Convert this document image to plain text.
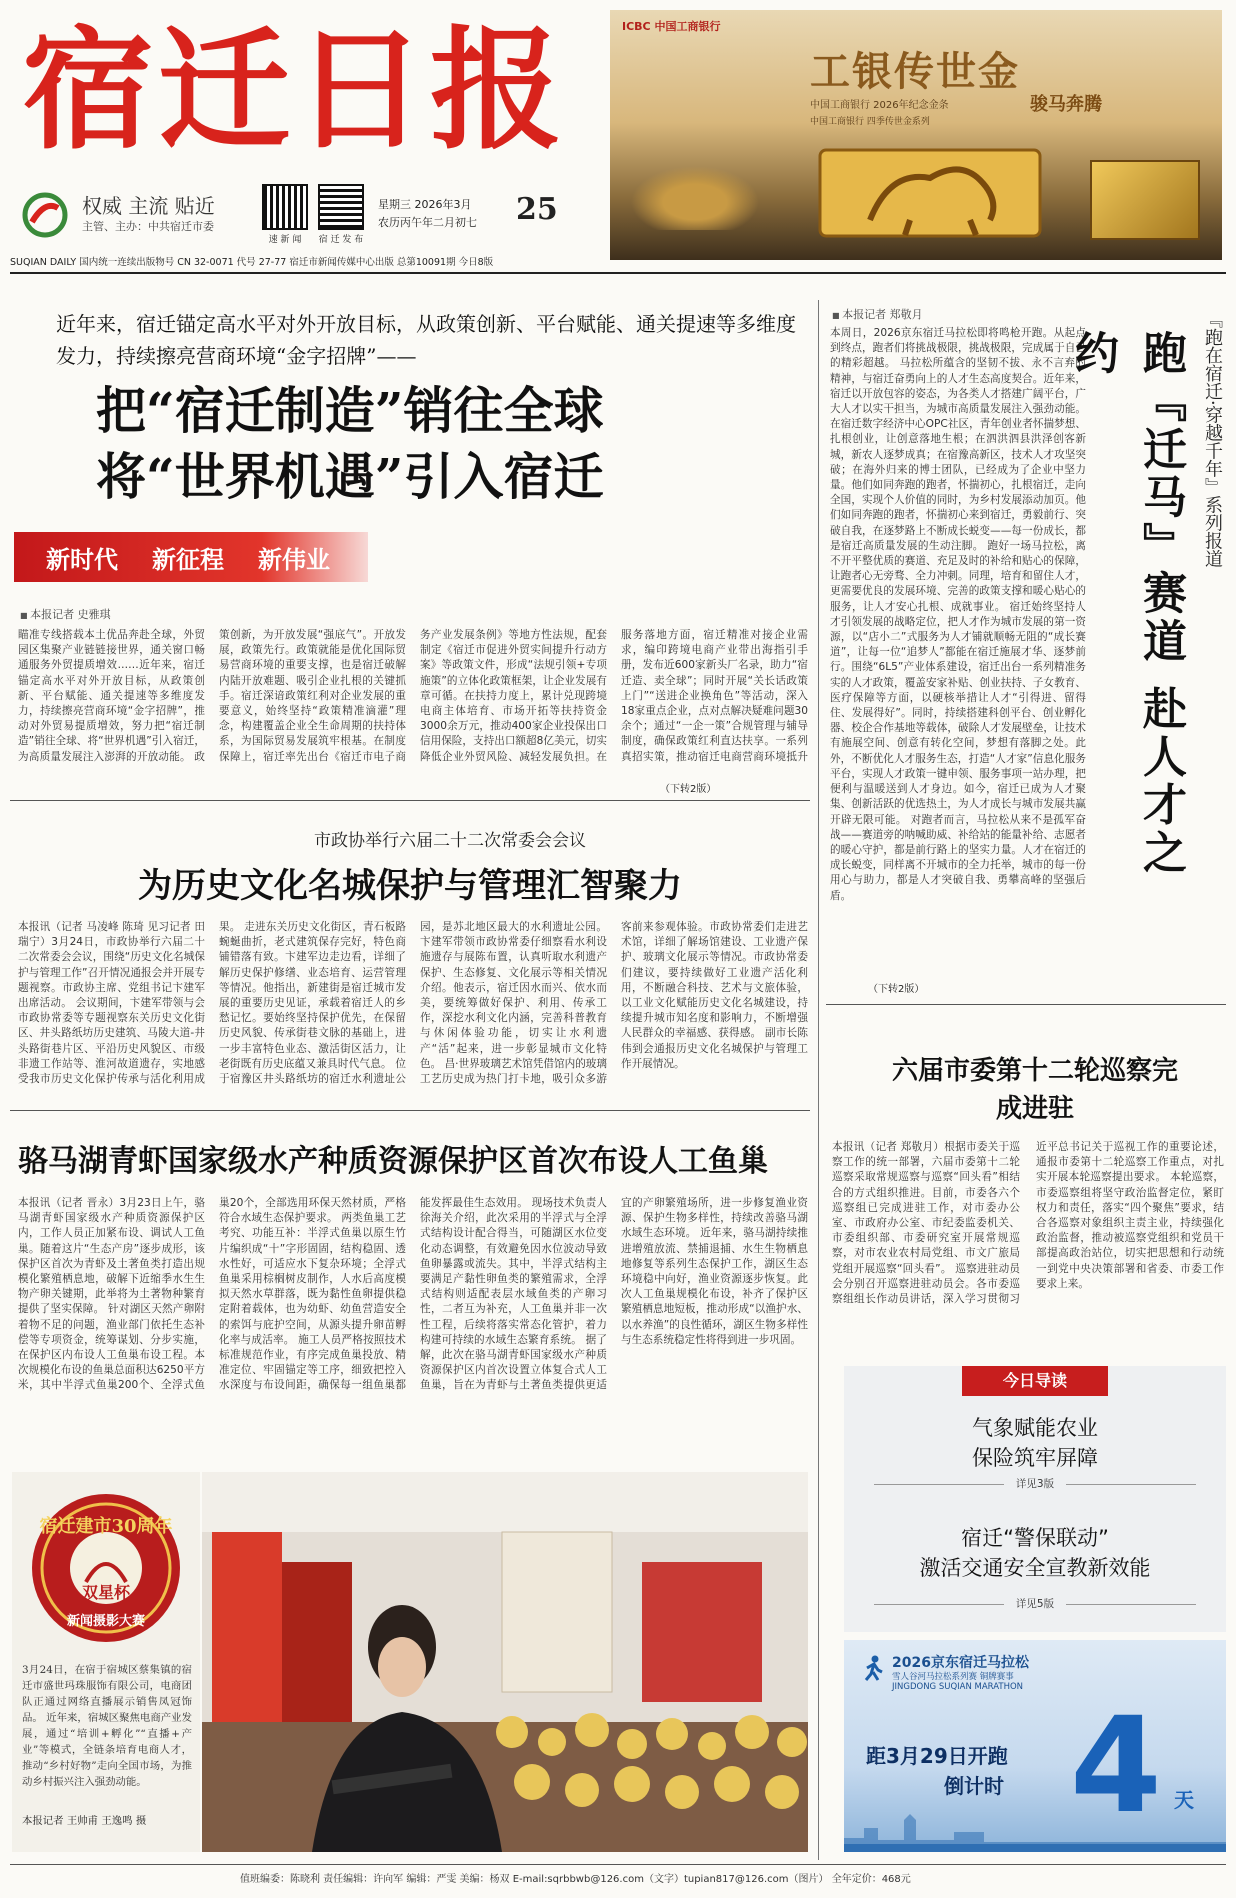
宿迁日报
权威 主流 贴近
主管、主办：中共宿迁市委
速 新 闻	宿 迁 发 布
星期三 2026年3月
农历丙午年二月初七	25
ICBC 中国工商银行
工银传世金
中国工商银行 2026年纪念金条	骏马奔腾
中国工商银行 四季传世金系列
SUQIAN DAILY 国内统一连续出版物号 CN 32-0071 代号 27-77 宿迁市新闻传媒中心出版 总第10091期 今日8版
近年来，宿迁锚定高水平对外开放目标，从政策创新、平台赋能、通关提速等多维度发力，持续擦亮营商环境“金字招牌”——
把“宿迁制造”销往全球
将“世界机遇”引入宿迁
新时代 新征程 新伟业
■ 本报记者 史雅琪
瞄准专线搭载本土优品奔赴全球，外贸园区集聚产业链链接世界，通关窗口畅通服务外贸提质增效……近年来，宿迁锚定高水平对外开放目标，从政策创新、平台赋能、通关提速等多维度发力，持续擦亮营商环境“金字招牌”，推动对外贸易提质增效，努力把“宿迁制造”销往全球、将“世界机遇”引入宿迁，为高质量发展注入澎湃的开放动能。 政策创新，为开放发展“强底气”。开放发展，政策先行。政策就能是优化国际贸易营商环境的重要支撑，也是宿迁破解内陆开放难题、吸引企业扎根的关键抓手。宿迁深谙政策红利对企业发展的重要意义，始终坚持“政策精准滴灌”理念，构建覆盖企业全生命周期的扶持体系，为国际贸易发展筑牢根基。在制度保障上，宿迁率先出台《宿迁市电子商务产业发展条例》等地方性法规，配套制定《宿迁市促进外贸实间提升行动方案》等政策文件，形成“法规引领+专项施策”的立体化政策框架，让企业发展有章可循。在扶持力度上，累计兑现跨境电商主体培育、市场开拓等扶持资金3000余万元，推动400家企业投保出口信用保险，支持出口额超8亿美元，切实降低企业外贸风险、减轻发展负担。在服务落地方面，宿迁精准对接企业需求，编印跨境电商产业带出海指引手册，发布近600家新头厂名录，助力“宿迁造、卖全球”；同时开展“关长话政策上门”“送进企业换角色”等活动，深入18家重点企业，点对点解决疑难问题30余个；通过“一企一策”合规管理与辅导制度，确保政策红利直达扶享。一系列真招实策，推动宿迁电商营商环境抵升
（下转2版）
市政协举行六届二十二次常委会会议
为历史文化名城保护与管理汇智聚力
本报讯（记者 马凌峰 陈琦 见习记者 田瑞宁）3月24日，市政协举行六届二十二次常委会会议，围绕“历史文化名城保护与管理工作”召开情况通报会并开展专题视察。市政协主席、党组书记卞建军出席活动。 会议期间，卞建军带领与会市政协常委等专题视察东关历史文化街区、井头路纸坊历史建筑、马陵大道-井头路街巷片区、平沿历史风貌区、市级非遗工作站等、淮河故道遗存，实地感受我市历史文化保护传承与活化利用成果。 走进东关历史文化街区，青石板路蜿蜒曲折，老式建筑保存完好，特色商铺错落有致。卞建军边走边看，详细了解历史保护修缮、业态培育、运营管理等情况。他指出，新建街是宿迁城市发展的重要历史见证，承载着宿迁人的乡愁记忆。要始终坚持保护优先，在保留历史风貌、传承街巷文脉的基础上，进一步丰富特色业态、激活街区活力，让老街既有历史底蕴又兼具时代气息。 位于宿豫区井头路纸坊的宿迁水利遗址公园，是苏北地区最大的水利遗址公园。卞建军带领市政协常委仔细察看水利设施遗存与展陈布置，认真听取水利遗产保护、生态修复、文化展示等相关情况介绍。他表示，宿迁因水而兴、依水而美，要统筹做好保护、利用、传承工作，深挖水利文化内涵，完善科普教育与休闲体验功能，切实让水利遗产“活”起来，进一步彰显城市文化特色。 昌·世界玻璃艺术馆凭借馆内的玻璃工艺历史成为热门打卡地，吸引众多游客前来参观体验。市政协常委们走进艺术馆，详细了解场馆建设、工业遗产保护、玻璃文化展示等情况。市政协常委们建议，要持续做好工业遗产活化利用，不断融合科技、艺术与文旅体验，以工业文化赋能历史文化名城建设，持续提升城市知名度和影响力，不断增强人民群众的幸福感、获得感。 副市长陈伟到会通报历史文化名城保护与管理工作开展情况。
骆马湖青虾国家级水产种质资源保护区首次布设人工鱼巢
本报讯（记者 晋永）3月23日上午，骆马湖青虾国家级水产种质资源保护区内，工作人员正加紧布设、调试人工鱼巢。随着这片“生态产房”逐步成形，该保护区首次为青虾及土著鱼类打造出规模化繁殖栖息地，破解下近缩季水生生物产卵关键期，此举将为土著物种繁育提供了坚实保障。 针对湖区天然产卵附着物不足的问题，渔业部门依托生态补偿等专项资金，统筹谋划、分步实施，在保护区内布设人工鱼巢布设工程。本次规模化布设的鱼巢总面积达6250平方米，其中半浮式鱼巢200个、全浮式鱼巢20个，全部选用环保天然材质，严格符合水域生态保护要求。 两类鱼巢工艺考究、功能互补：半浮式鱼巢以原生竹片编织成“十”字形固固，结构稳固、透水性好，可适应水下复杂环境；全浮式鱼巢采用棕榈树皮制作，人水后高度模拟天然水草群落，既为黏性鱼卵提供稳定附着载体，也为幼虾、幼鱼营造安全的索饵与庇护空间，从源头提升卵苗孵化率与成活率。 施工人员严格按照技术标准规范作业，有序完成鱼巢投放、精准定位、牢固锚定等工序，细致把控入水深度与布设间距，确保每一组鱼巢都能发挥最佳生态效用。 现场技术负责人徐海关介绍，此次采用的半浮式与全浮式结构设计配合得当，可随湖区水位变化动态调整，有效避免因水位波动导致鱼卵暴露或流失。其中，半浮式结构主要满足产黏性卵鱼类的繁殖需求，全浮式结构则适配表层水域鱼类的产卵习性，二者互为补充，人工鱼巢并非一次性工程，后续将落实常态化管护，着力构建可持续的水域生态繁育系统。 据了解，此次在骆马湖青虾国家级水产种质资源保护区内首次设置立体复合式人工鱼巢，旨在为青虾与土著鱼类提供更适宜的产卵繁殖场所，进一步修复渔业资源、保护生物多样性，持续改善骆马湖水域生态环境。 近年来，骆马湖持续推进增殖放流、禁捕退捕、水生生物栖息地修复等系列生态保护工作，湖区生态环境稳中向好，渔业资源逐步恢复。此次人工鱼巢规模化布设，补齐了保护区繁殖栖息地短板，推动形成“以渔护水、以水养渔”的良性循环，湖区生物多样性与生态系统稳定性将得到进一步巩固。
宿迁建市30周年
双星杯
新闻摄影大赛
3月24日，在宿于宿城区蔡集镇的宿迁市盛世玛珠服饰有限公司，电商团队正通过网络直播展示销售凤冠饰品。 近年来，宿城区聚焦电商产业发展，通过“培训+孵化”“直播+产业”等模式，全链条培育电商人才，推动“乡村好物”走向全国市场，为推动乡村振兴注入强劲动能。
本报记者 王帅甫 王逸鸣 摄
■ 本报记者 郑敬月
本周日，2026京东宿迁马拉松即将鸣枪开跑。从起点到终点，跑者们将挑战极限，挑战极限，完成属于自己的精彩超越。 马拉松所蕴含的坚韧不拔、永不言弃的精神，与宿迁奋勇向上的人才生态高度契合。近年来，宿迁以开放包容的姿态，为各类人才搭建广阔平台，广大人才以实干担当，为城市高质量发展注入强劲动能。 在宿迁数字经济中心OPC社区，青年创业者怀揣梦想、扎根创业，让创意落地生根；在泗洪泗县洪泽创客新城，新农人逐梦成真；在宿豫高新区，技术人才攻坚突破；在海外归来的博士团队，已经成为了企业中坚力量。他们如同奔跑的跑者，怀揣初心，扎根宿迁，走向全国，实现个人价值的同时，为乡村发展添动加页。他们如同奔跑的跑者，怀揣初心来到宿迁，勇毅前行、突破自我，在逐梦路上不断成长蜕变——每一份成长，都是宿迁高质量发展的生动注脚。 跑好一场马拉松，离不开平整优质的赛道、充足及时的补给和贴心的保障，让跑者心无旁骛、全力冲刺。同理，培育和留住人才，更需要优良的发展环境、完善的政策支撑和暖心贴心的服务，让人才安心扎根、成就事业。 宿迁始终坚持人才引领发展的战略定位，把人才作为城市发展的第一资源，以“店小二”式服务为人才铺就顺畅无阻的“成长赛道”，让每一位“追梦人”都能在宿迁施展才华、逐梦前行。围绕“6L5”产业体系建设，宿迁出台一系列精准务实的人才政策，覆盖安家补贴、创业扶持、子女教育、医疗保障等方面，以硬核举措让人才“引得进、留得住、发展得好”。同时，持续搭建科创平台、创业孵化器、校企合作基地等载体，破除人才发展壁垒，让技术有施展空间、创意有转化空间，梦想有落脚之处。此外，不断优化人才服务生态，打造“人才家”信息化服务平台，实现人才政策一键申领、服务事项一站办理，把便利与温暖送到人才身边。如今，宿迁已成为人才聚集、创新活跃的优选热土，为人才成长与城市发展共赢开辟无限可能。 对跑者而言，马拉松从来不是孤军奋战——赛道旁的呐喊助威、补给站的能量补给、志愿者的暖心守护，都是前行路上的坚实力量。人才在宿迁的成长蜕变，同样离不开城市的全力托举，城市的每一份用心与助力，都是人才突破自我、勇攀高峰的坚强后盾。
（下转2版）
『跑在宿迁·穿越千年』系列报道
跑『迁马』赛道 赴人才之约
六届市委第十二轮巡察完成进驻
本报讯（记者 郑敬月）根据市委关于巡察工作的统一部署，六届市委第十二轮巡察采取常规巡察与巡察“回头看”相结合的方式组织推进。目前，市委各六个巡察组已完成进驻工作，对市委办公室、市政府办公室、市纪委监委机关、市委组织部、市委研究室开展常规巡察，对市农业农村局党组、市文广旅局党组开展巡察“回头看”。 巡察进驻动员会分别召开巡察进驻动员会。各市委巡察组组长作动员讲话，深入学习贯彻习近平总书记关于巡视工作的重要论述，通报市委第十二轮巡察工作重点，对扎实开展本轮巡察提出要求。 本轮巡察，市委巡察组将坚守政治监督定位，紧盯权力和责任，落实“四个聚焦”要求，结合各巡察对象组织主责主业，持续强化政治监督，推动被巡察党组织和党员干部提高政治站位，切实把思想和行动统一到党中央决策部署和省委、市委工作要求上来。
今日导读
气象赋能农业
保险筑牢屏障
详见3版
宿迁“警保联动”
激活交通安全宣教新效能
详见5版
2026京东宿迁马拉松
雪人谷河马拉松系列赛 铜牌赛事
JINGDONG SUQIAN MARATHON
距3月29日开跑
倒计时 4 天
值班编委：陈晓利 责任编辑：许向军 编辑：严雯 美编：杨双 E-mail:sqrbbwb@126.com（文字）tupian817@126.com（图片） 全年定价：468元
